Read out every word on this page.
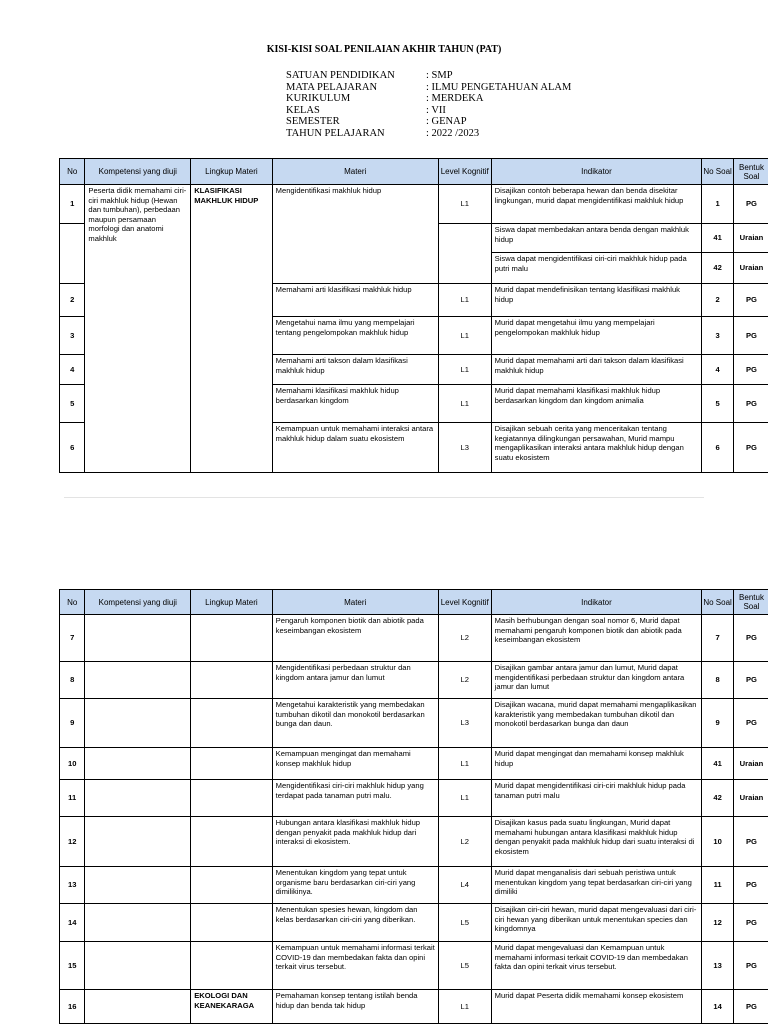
KISI-KISI SOAL PENILAIAN AKHIR TAHUN (PAT)
SATUAN PENDIDIKAN	: SMP
MATA PELAJARAN	: ILMU PENGETAHUAN ALAM
KURIKULUM	: MERDEKA
KELAS	: VII
SEMESTER	: GENAP
TAHUN PELAJARAN	: 2022 /2023
No	Kompetensi yang diuji	Lingkup Materi	Materi	Level Kognitif	Indikator	No Soal	Bentuk Soal
1	Peserta didik memahami ciri-ciri makhluk hidup (Hewan dan tumbuhan), perbedaan maupun persamaan morfologi dan anatomi makhluk	KLASIFIKASI MAKHLUK HIDUP	Mengidentifikasi makhluk hidup	L1	Disajikan contoh beberapa hewan dan benda disekitar lingkungan, murid dapat mengidentifikasi makhluk hidup	1	PG
					Siswa dapat membedakan antara benda dengan makhluk hidup	41	Uraian
					Siswa dapat mengidentifikasi ciri-ciri makhluk hidup pada putri malu	42	Uraian
2			Memahami arti klasifikasi makhluk hidup	L1	Murid dapat mendefinisikan tentang klasifikasi makhluk hidup	2	PG
3			Mengetahui nama ilmu yang mempelajari tentang pengelompokan makhluk hidup	L1	Murid dapat mengetahui ilmu yang mempelajari pengelompokan makhluk hidup	3	PG
4			Memahami arti takson dalam klasifikasi makhluk hidup	L1	Murid dapat memahami arti dari takson dalam klasifikasi makhluk hidup	4	PG
5			Memahami klasifikasi makhluk hidup berdasarkan kingdom	L1	Murid dapat memahami klasifikasi makhluk hidup berdasarkan kingdom dan kingdom animalia	5	PG
6			Kemampuan untuk memahami interaksi antara makhluk hidup dalam suatu ekosistem	L3	Disajikan sebuah cerita yang menceritakan tentang kegiatannya dilingkungan persawahan, Murid mampu mengaplikasikan interaksi antara makhluk hidup dengan suatu ekosistem	6	PG
No	Kompetensi yang diuji	Lingkup Materi	Materi	Level Kognitif	Indikator	No Soal	Bentuk Soal
7			Pengaruh komponen biotik dan abiotik pada keseimbangan ekosistem	L2	Masih berhubungan dengan soal nomor 6, Murid dapat memahami pengaruh komponen biotik dan abiotik pada keseimbangan ekosistem	7	PG
8			Mengidentifikasi perbedaan struktur dan kingdom antara jamur dan lumut	L2	Disajikan gambar antara jamur dan lumut, Murid dapat mengidentifikasi perbedaan struktur dan kingdom antara jamur dan lumut	8	PG
9			Mengetahui karakteristik yang membedakan tumbuhan dikotil dan monokotil berdasarkan bunga dan daun.	L3	Disajikan wacana, murid dapat memahami mengaplikasikan karakteristik yang membedakan tumbuhan dikotil dan monokotil berdasarkan bunga dan daun	9	PG
10			Kemampuan mengingat dan memahami konsep makhluk hidup	L1	Murid dapat mengingat dan memahami konsep makhluk hidup	41	Uraian
11			Mengidentifikasi ciri-ciri makhluk hidup yang terdapat pada tanaman putri malu.	L1	Murid dapat mengidentifikasi ciri-ciri makhluk hidup pada tanaman putri malu	42	Uraian
12			Hubungan antara klasifikasi makhluk hidup dengan penyakit pada makhluk hidup dari interaksi di ekosistem.	L2	Disajikan kasus pada suatu lingkungan, Murid dapat memahami hubungan antara klasifikasi makhluk hidup dengan penyakit pada makhluk hidup dari suatu interaksi di ekosistem	10	PG
13			Menentukan kingdom yang tepat untuk organisme baru berdasarkan ciri-ciri yang dimilikinya.	L4	Murid dapat menganalisis dari sebuah peristiwa untuk menentukan kingdom yang tepat berdasarkan ciri-ciri yang dimiliki	11	PG
14			Menentukan spesies hewan, kingdom dan kelas berdasarkan ciri-ciri yang diberikan.	L5	Disajikan ciri-ciri hewan, murid dapat mengevaluasi dari ciri-ciri hewan yang diberikan untuk menentukan species dan kingdomnya	12	PG
15			Kemampuan untuk memahami informasi terkait COVID-19 dan membedakan fakta dan opini terkait virus tersebut.	L5	Murid dapat mengevaluasi dan Kemampuan untuk memahami informasi terkait COVID-19 dan membedakan fakta dan opini terkait virus tersebut.	13	PG
16		EKOLOGI DAN KEANEKARAGA	Pemahaman konsep tentang istilah benda hidup dan benda tak hidup	L1	Murid dapat Peserta didik memahami konsep ekosistem	14	PG
